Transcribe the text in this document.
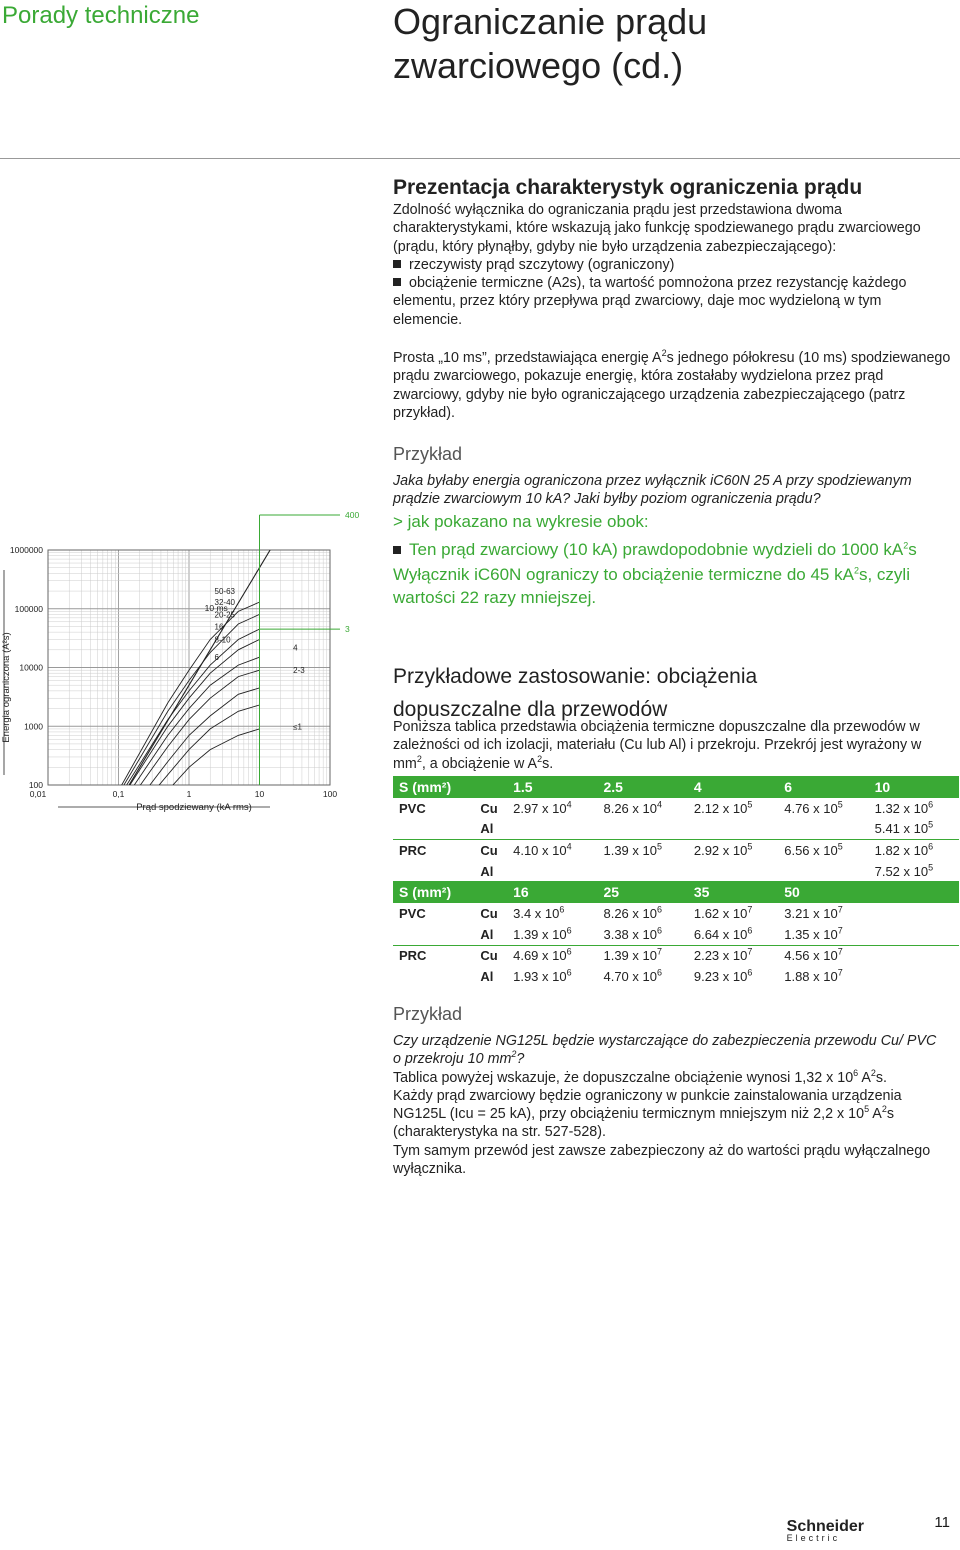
Porady techniczne	Ograniczanie prądu
zwarciowego (cd.)
Prezentacja charakterystyk ograniczenia prądu

Zdolność wyłącznika do ograniczania prądu jest przedstawiona dwoma charakterystykami, które wskazują jako funkcję spodziewanego prądu zwarciowego (prądu, który płynąłby, gdyby nie było urządzenia zabezpieczającego):

rzeczywisty prąd szczytowy (ograniczony)

obciążenie termiczne (A2s), ta wartość pomnożona przez rezystancję każdego elementu, przez który przepływa prąd zwarciowy, daje moc wydzieloną w tym elemencie.

Prosta „10 ms”, przedstawiająca energię $A^2s$ jednego półokresu (10 ms) spodziewanego prądu zwarciowego, pokazuje energię, która zostałaby wydzielona przez prąd zwarciowy, gdyby nie było ograniczającego urządzenia zabezpieczającego (patrz przykład).

Przykład
Jaka byłaby energia ograniczona przez wyłącznik iC60N 25 A przy spodziewanym prądzie zwarciowym 10 kA? Jaki byłby poziom ograniczenia prądu?
> jak pokazano na wykresie obok:
Ten prąd zwarciowy (10 kA) prawdopodobnie wydzieli do 1000 $kA^2s$
Wyłącznik iC60N ograniczy to obciążenie termiczne do 45 $kA^2s$, czyli wartości 22 razy mniejszej.
Przykładowe zastosowanie: obciążenia
dopuszczalne dla przewodów

Poniższa tablica przedstawia obciążenia termiczne dopuszczalne dla przewodów w zależności od ich izolacji, materiału (Cu lub Al) i przekroju. Przekrój jest wyrażony w $mm^2$, a obciążenie w $A^2s$.

S (mm²)		1.5	2.5	4	6	10
PVC	Cu	2.97 x $10^4$	8.26 x $10^4$	2.12 x $10^5$	4.76 x $10^5$	1.32 x $10^6$
	Al					5.41 x $10^5$
PRC	Cu	4.10 x $10^4$	1.39 x $10^5$	2.92 x $10^5$	6.56 x $10^5$	1.82 x $10^6$
	Al					7.52 x $10^5$
S (mm²)		16	25	35	50	
PVC	Cu	3.4 x $10^6$	8.26 x $10^6$	1.62 x $10^7$	3.21 x $10^7$	
	Al	1.39 x $10^6$	3.38 x $10^6$	6.64 x $10^6$	1.35 x $10^7$	
PRC	Cu	4.69 x $10^6$	1.39 x $10^7$	2.23 x $10^7$	4.56 x $10^7$	
	Al	1.93 x $10^6$	4.70 x $10^6$	9.23 x $10^6$	1.88 x $10^7$	
Przykład

Czy urządzenie NG125L będzie wystarczające do zabezpieczenia przewodu Cu/ PVC o przekroju 10 $mm^2$?

Tablica powyżej wskazuje, że dopuszczalne obciążenie wynosi 1,32 x $10^6$ $A^2s$.

Każdy prąd zwarciowy będzie ograniczony w punkcie zainstalowania urządzenia NG125L (Icu = 25 kA), przy obciążeniu termicznym mniejszym niż 2,2 x $10^5$ $A^2s$ (charakterystyka na str. 527-528).

Tym samym przewód jest zawsze zabezpieczony aż do wartości prądu wyłączalnego wyłącznika.

100
1000
10000
100000
1000000
0,01	0,1	1	10	100
Prąd spodziewany (kA rms)
Energia ograniczona (A²s)
10 ms
50-63
32-40
20-25
16
8-10
6
4
2-3
≤1
400
3
Schneider
Electric
11
